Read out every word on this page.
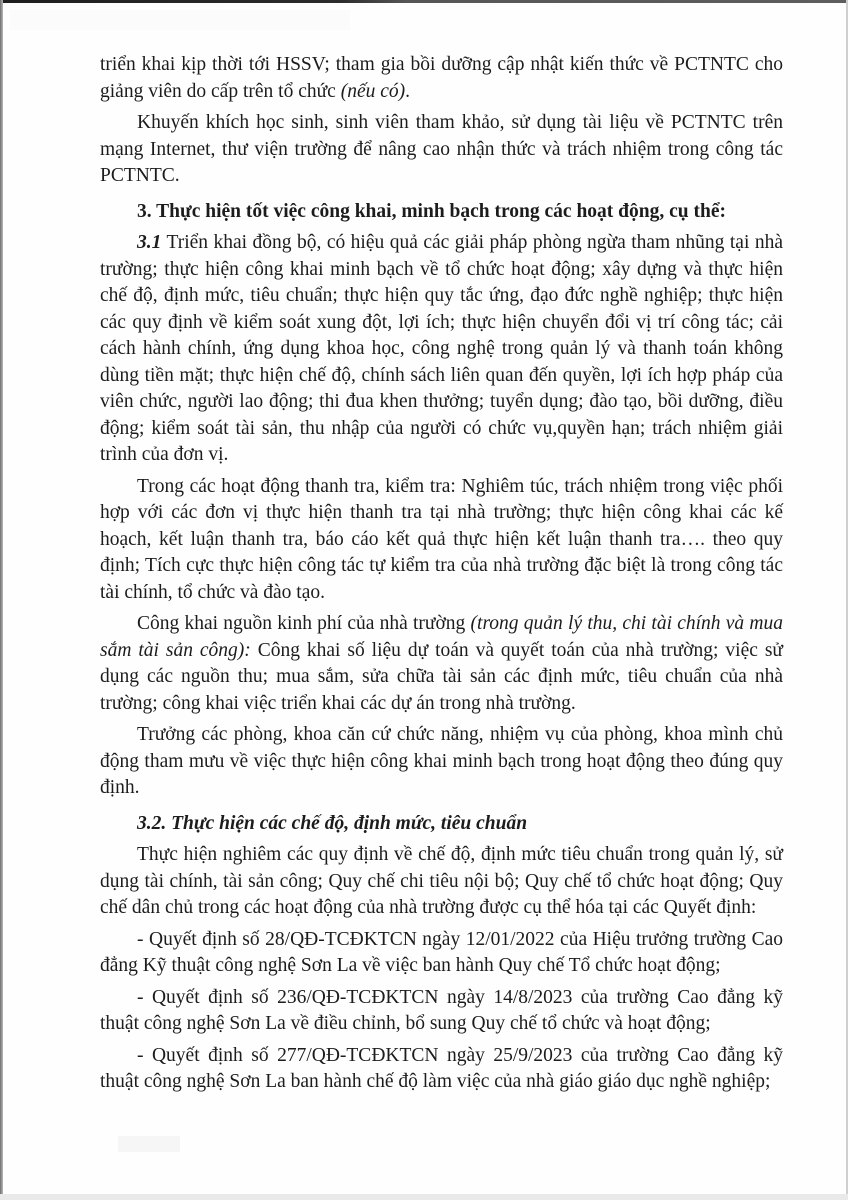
triển khai kịp thời tới HSSV; tham gia bồi dưỡng cập nhật kiến thức về PCTNTC cho giảng viên do cấp trên tổ chức (nếu có).

Khuyến khích học sinh, sinh viên tham khảo, sử dụng tài liệu về PCTNTC trên mạng Internet, thư viện trường để nâng cao nhận thức và trách nhiệm trong công tác PCTNTC.

3. Thực hiện tốt việc công khai, minh bạch trong các hoạt động, cụ thể:

3.1 Triển khai đồng bộ, có hiệu quả các giải pháp phòng ngừa tham nhũng tại nhà trường; thực hiện công khai minh bạch về tổ chức hoạt động; xây dựng và thực hiện chế độ, định mức, tiêu chuẩn; thực hiện quy tắc ứng, đạo đức nghề nghiệp; thực hiện các quy định về kiểm soát xung đột, lợi ích; thực hiện chuyển đổi vị trí công tác; cải cách hành chính, ứng dụng khoa học, công nghệ trong quản lý và thanh toán không dùng tiền mặt; thực hiện chế độ, chính sách liên quan đến quyền, lợi ích hợp pháp của viên chức, người lao động; thi đua khen thưởng; tuyển dụng; đào tạo, bồi dưỡng, điều động; kiểm soát tài sản, thu nhập của người có chức vụ,quyền hạn; trách nhiệm giải trình của đơn vị.

Trong các hoạt động thanh tra, kiểm tra: Nghiêm túc, trách nhiệm trong việc phối hợp với các đơn vị thực hiện thanh tra tại nhà trường; thực hiện công khai các kế hoạch, kết luận thanh tra, báo cáo kết quả thực hiện kết luận thanh tra…. theo quy định; Tích cực thực hiện công tác tự kiểm tra của nhà trường đặc biệt là trong công tác tài chính, tổ chức và đào tạo.

Công khai nguồn kinh phí của nhà trường (trong quản lý thu, chi tài chính và mua sắm tài sản công): Công khai số liệu dự toán và quyết toán của nhà trường; việc sử dụng các nguồn thu; mua sắm, sửa chữa tài sản các định mức, tiêu chuẩn của nhà trường; công khai việc triển khai các dự án trong nhà trường.

Trưởng các phòng, khoa căn cứ chức năng, nhiệm vụ của phòng, khoa mình chủ động tham mưu về việc thực hiện công khai minh bạch trong hoạt động theo đúng quy định.

3.2. Thực hiện các chế độ, định mức, tiêu chuẩn

Thực hiện nghiêm các quy định về chế độ, định mức tiêu chuẩn trong quản lý, sử dụng tài chính, tài sản công; Quy chế chi tiêu nội bộ; Quy chế tổ chức hoạt động; Quy chế dân chủ trong các hoạt động của nhà trường được cụ thể hóa tại các Quyết định:

- Quyết định số 28/QĐ-TCĐKTCN ngày 12/01/2022 của Hiệu trưởng trường Cao đẳng Kỹ thuật công nghệ Sơn La về việc ban hành Quy chế Tổ chức hoạt động;

- Quyết định số 236/QĐ-TCĐKTCN ngày 14/8/2023 của trường Cao đẳng kỹ thuật công nghệ Sơn La về điều chỉnh, bổ sung Quy chế tổ chức và hoạt động;

- Quyết định số 277/QĐ-TCĐKTCN ngày 25/9/2023 của trường Cao đẳng kỹ thuật công nghệ Sơn La ban hành chế độ làm việc của nhà giáo giáo dục nghề nghiệp;
